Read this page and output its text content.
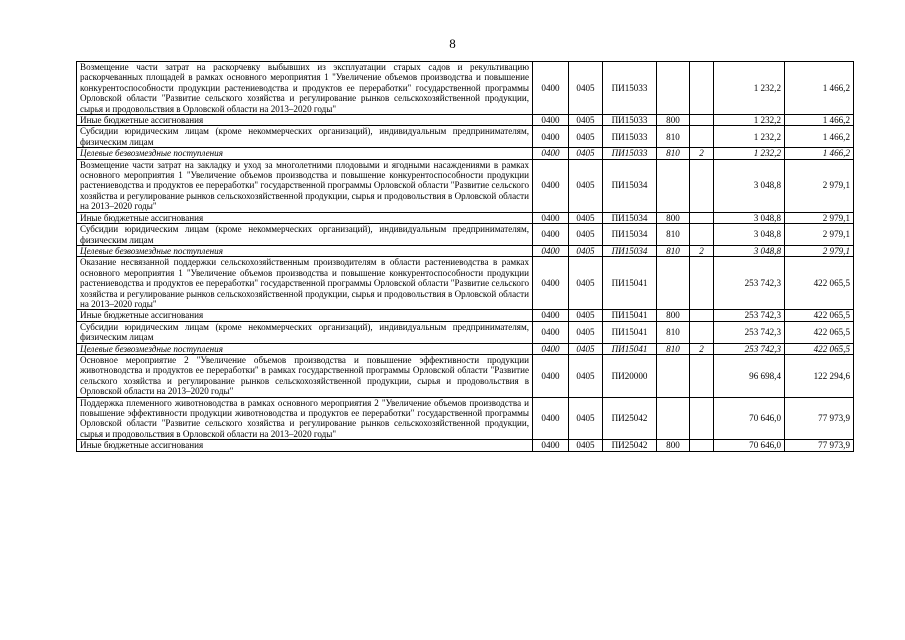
8
Возмещение части затрат на раскорчевку выбывших из эксплуатации старых садов и рекультивацию раскорчеванных площадей в рамках основного мероприятия 1 "Увеличение объемов производства и повышение конкурентоспособности продукции растениеводства и продуктов ее переработки" государственной программы Орловской области "Развитие сельского хозяйства и регулирование рынков сельскохозяйственной продукции, сырья и продовольствия в Орловской области на 2013–2020 годы"	0400	0405	ПИ15033			1 232,2	1 466,2
Иные бюджетные ассигнования	0400	0405	ПИ15033	800		1 232,2	1 466,2
Субсидии юридическим лицам (кроме некоммерческих организаций), индивидуальным предпринимателям, физическим лицам	0400	0405	ПИ15033	810		1 232,2	1 466,2
Целевые безвозмездные поступления	0400	0405	ПИ15033	810	2	1 232,2	1 466,2
Возмещение части затрат на закладку и уход за многолетними плодовыми и ягодными насаждениями в рамках основного мероприятия 1 "Увеличение объемов производства и повышение конкурентоспособности продукции растениеводства и продуктов ее переработки" государственной программы Орловской области "Развитие сельского хозяйства и регулирование рынков сельскохозяйственной продукции, сырья и продовольствия в Орловской области на 2013–2020 годы"	0400	0405	ПИ15034			3 048,8	2 979,1
Иные бюджетные ассигнования	0400	0405	ПИ15034	800		3 048,8	2 979,1
Субсидии юридическим лицам (кроме некоммерческих организаций), индивидуальным предпринимателям, физическим лицам	0400	0405	ПИ15034	810		3 048,8	2 979,1
Целевые безвозмездные поступления	0400	0405	ПИ15034	810	2	3 048,8	2 979,1
Оказание несвязанной поддержки сельскохозяйственным производителям в области растениеводства в рамках основного мероприятия 1 "Увеличение объемов производства и повышение конкурентоспособности продукции растениеводства и продуктов ее переработки" государственной программы Орловской области "Развитие сельского хозяйства и регулирование рынков сельскохозяйственной продукции, сырья и продовольствия в Орловской области на 2013–2020 годы"	0400	0405	ПИ15041			253 742,3	422 065,5
Иные бюджетные ассигнования	0400	0405	ПИ15041	800		253 742,3	422 065,5
Субсидии юридическим лицам (кроме некоммерческих организаций), индивидуальным предпринимателям, физическим лицам	0400	0405	ПИ15041	810		253 742,3	422 065,5
Целевые безвозмездные поступления	0400	0405	ПИ15041	810	2	253 742,3	422 065,5
Основное мероприятие 2 "Увеличение объемов производства и повышение эффективности продукции животноводства и продуктов ее переработки" в рамках государственной программы Орловской области "Развитие сельского хозяйства и регулирование рынков сельскохозяйственной продукции, сырья и продовольствия в Орловской области на 2013–2020 годы"	0400	0405	ПИ20000			96 698,4	122 294,6
Поддержка племенного животноводства в рамках основного мероприятия 2 "Увеличение объемов производства и повышение эффективности продукции животноводства и продуктов ее переработки" государственной программы Орловской области "Развитие сельского хозяйства и регулирование рынков сельскохозяйственной продукции, сырья и продовольствия в Орловской области на 2013–2020 годы"	0400	0405	ПИ25042			70 646,0	77 973,9
Иные бюджетные ассигнования	0400	0405	ПИ25042	800		70 646,0	77 973,9
